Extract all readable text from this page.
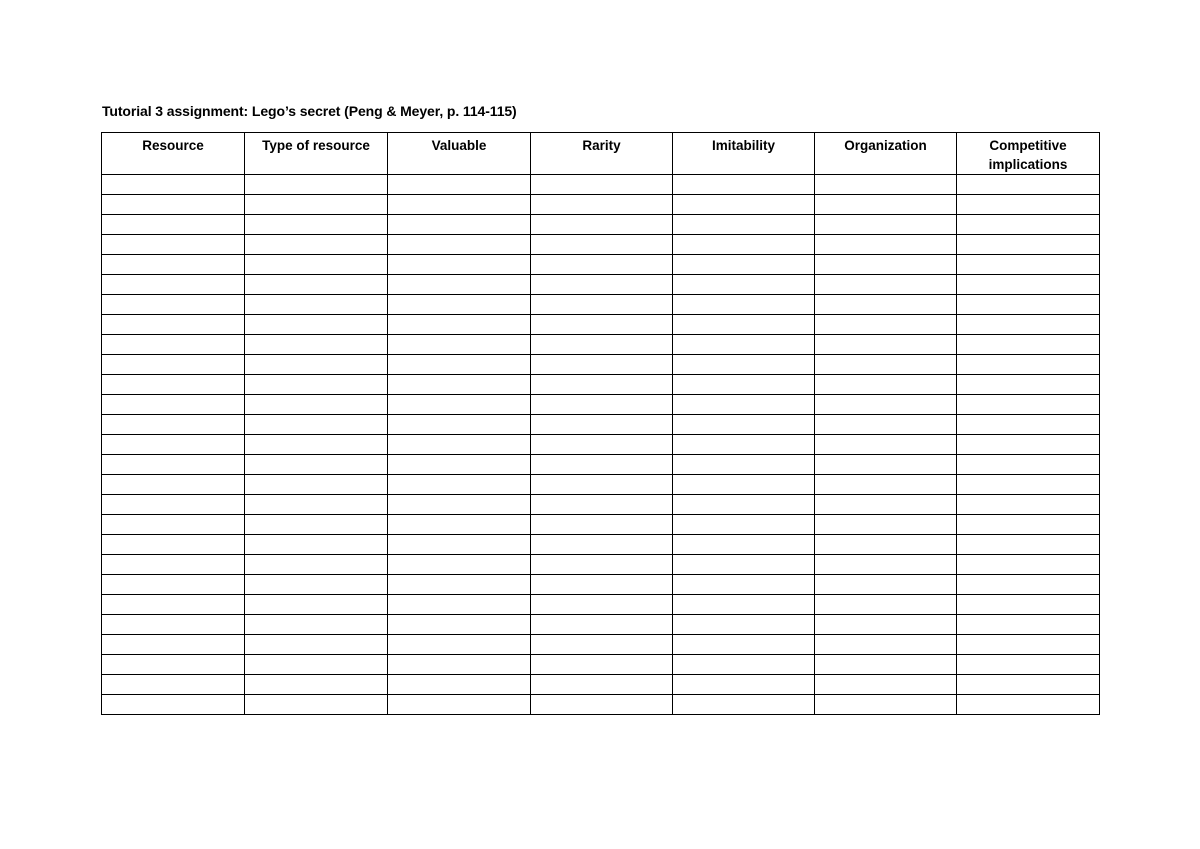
Tutorial 3 assignment: Lego’s secret (Peng & Meyer, p. 114-115)
Resource	Type of resource	Valuable	Rarity	Imitability	Organization	Competitive implications
